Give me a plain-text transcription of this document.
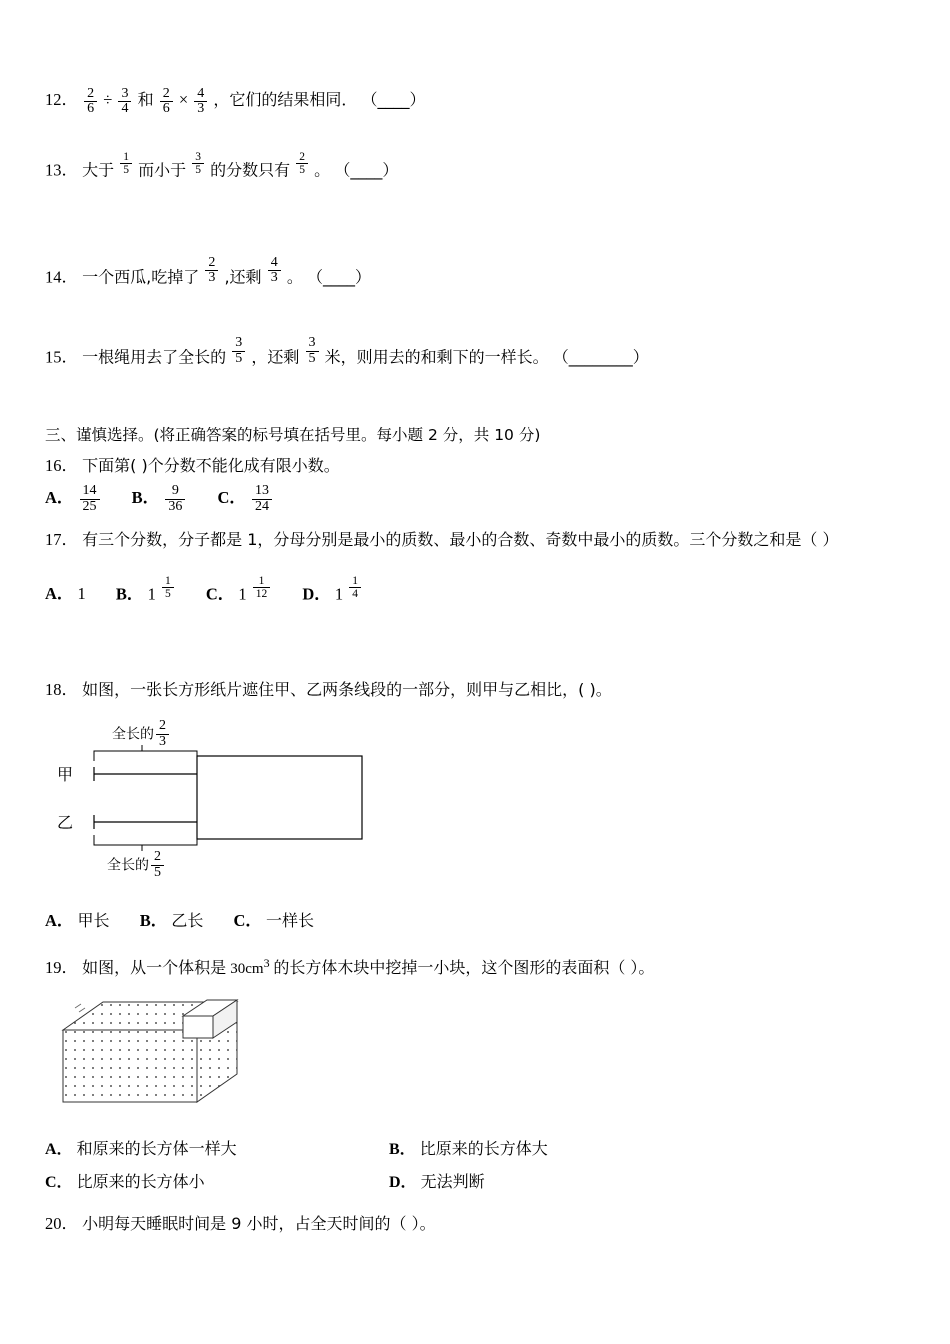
12． $\frac{2}{6} \div \frac{3}{4}$ 和 $\frac{2}{6} \times \frac{4}{3}$ ，它们的结果相同． （____）
13． 大于 $\frac{1}{5}$ 而小于 $\frac{3}{5}$ 的分数只有 $\frac{2}{5}$ 。 （____）
14． 一个西瓜,吃掉了 $\frac{2}{3}$ ,还剩 $\frac{4}{3}$ 。 （____）
15． 一根绳用去了全长的 $\frac{3}{5}$ ，还剩 $\frac{3}{5}$ 米，则用去的和剩下的一样长。 （________）
三、谨慎选择。(将正确答案的标号填在括号里。每小题 2 分，共 10 分)
16． 下面第( )个分数不能化成有限小数。
A． $\frac{14}{25}$ B． $\frac{9}{36}$ C． $\frac{13}{24}$
17． 有三个分数，分子都是 1，分母分别是最小的质数、最小的合数、奇数中最小的质数。三个分数之和是（ ）
A． 1 B． $1 \frac{1}{5}$ C． $1 \frac{1}{12}$ D． $1 \frac{1}{4}$
18． 如图，一张长方形纸片遮住甲、乙两条线段的一部分，则甲与乙相比，( )。
全长的 $\frac{2}{3}$
全长的 $\frac{2}{5}$
甲
乙
A． 甲长 B． 乙长 C． 一样长
19． 如图，从一个体积是 $30cm^3$ 的长方体木块中挖掉一小块，这个图形的表面积（ ）。
A． 和原来的长方体一样大	B． 比原来的长方体大
C． 比原来的长方体小	D． 无法判断
20． 小明每天睡眠时间是 9 小时，占全天时间的（ ）。
